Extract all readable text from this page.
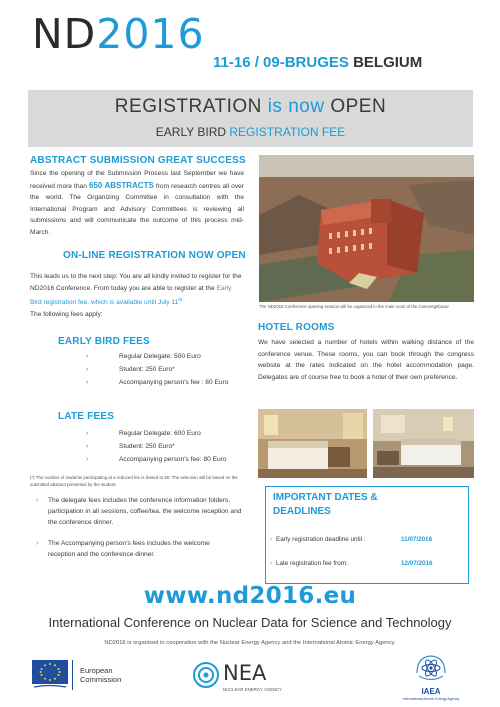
ND2016
11-16 / 09-BRUGES BELGIUM
REGISTRATION is now OPEN
EARLY BIRD REGISTRATION FEE
ABSTRACT SUBMISSION GREAT SUCCESS
Since the opening of the Submission Process last September we have received more than 650 ABSTRACTS from research centres all over the world. The Organizing Committee in consultation with the International Program and Advisory Committees is reviewing all submissions and will communicate the outcome of this process mid-March.
ON-LINE REGISTRATION NOW OPEN
This leads us to the next step: You are all kindly invited to register for the ND2016 Conference. From today you are able to register at the Early Bird registration fee, which is available until July 11th
The following fees apply:
EARLY BIRD FEES
›	Regular Delegate: 500 Euro
›	Student: 250 Euro*
›	Accompanying person's fee : 80 Euro
LATE FEES
›	Regular Delegate: 600 Euro
›	Student: 250 Euro*
›	Accompanying person's fee: 80 Euro
(*) The number of students participating at a reduced fee is limited to 50. The selection will be based on the submitted abstract presented by the student.
› The delegate fees includes the conference information folders, participation in all sessions, coffee/tea, the welcome reception and the conference dinner.
› The Accompanying person's fees includes the welcome reception and the conference dinner.
The ND2016 Conference opening session will be organized in the main room of the Concertgebouw
HOTEL ROOMS
We have selected a number of hotels within walking distance of the conference venue. These rooms, you can book through the congress website at the rates indicated on the hotel accommodation page. Delegates are of course free to book a hotel of their own preference.
IMPORTANT DATES &
DEADLINES
› Early registration deadline until :	11/07/2016
› Late registration fee from:	12/07/2016
www.nd2016.eu
International Conference on Nuclear Data for Science and Technology
ND2016 is organised in cooperation with the Nuclear Energy Agency and the International Atomic Energy Agency.
European
Commission	NEA
NUCLEAR ENERGY AGENCY	IAEA
International Atomic Energy Agency
